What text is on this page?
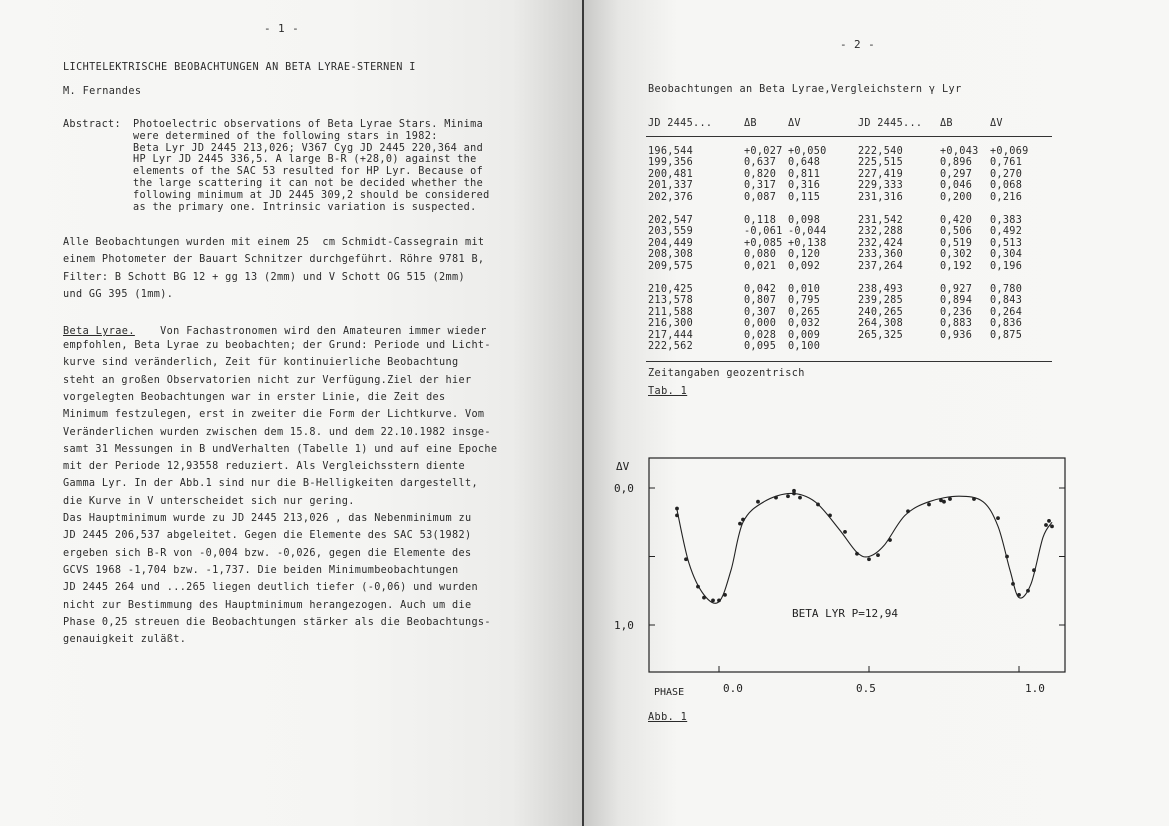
- 1 -
LICHTELEKTRISCHE BEOBACHTUNGEN AN BETA LYRAE-STERNEN I
M. Fernandes
Abstract: Photoelectric observations of Beta Lyrae Stars. Minima
were determined of the following stars in 1982:
Beta Lyr JD 2445 213,026; V367 Cyg JD 2445 220,364 and
HP Lyr JD 2445 336,5. A large B-R (+28,0) against the
elements of the SAC 53 resulted for HP Lyr. Because of
the large scattering it can not be decided whether the
following minimum at JD 2445 309,2 should be considered
as the primary one. Intrinsic variation is suspected.
Alle Beobachtungen wurden mit einem 25  cm Schmidt-Cassegrain mit
einem Photometer der Bauart Schnitzer durchgeführt. Röhre 9781 B,
Filter: B Schott BG 12 + gg 13 (2mm) und V Schott OG 515 (2mm)
und GG 395 (1mm).
Beta Lyrae. Von Fachastronomen wird den Amateuren immer wieder
empfohlen, Beta Lyrae zu beobachten; der Grund: Periode und Licht-
kurve sind veränderlich, Zeit für kontinuierliche Beobachtung
steht an großen Observatorien nicht zur Verfügung.Ziel der hier
vorgelegten Beobachtungen war in erster Linie, die Zeit des
Minimum festzulegen, erst in zweiter die Form der Lichtkurve. Vom
Veränderlichen wurden zwischen dem 15.8. und dem 22.10.1982 insge-
samt 31 Messungen in B undVerhalten (Tabelle 1) und auf eine Epoche
mit der Periode 12,93558 reduziert. Als Vergleichsstern diente
Gamma Lyr. In der Abb.1 sind nur die B-Helligkeiten dargestellt,
die Kurve in V unterscheidet sich nur gering.
Das Hauptminimum wurde zu JD 2445 213,026 , das Nebenminimum zu
JD 2445 206,537 abgeleitet. Gegen die Elemente des SAC 53(1982)
ergeben sich B-R von -0,004 bzw. -0,026, gegen die Elemente des
GCVS 1968 -1,704 bzw. -1,737. Die beiden Minimumbeobachtungen
JD 2445 264 und ...265 liegen deutlich tiefer (-0,06) und wurden
nicht zur Bestimmung des Hauptminimum herangezogen. Auch um die
Phase 0,25 streuen die Beobachtungen stärker als die Beobachtungs-
genauigkeit zuläßt.
- 2 -
Beobachtungen an Beta Lyrae,Vergleichstern γ Lyr
JD 2445...	ΔB	ΔV	JD 2445... ΔB	ΔV
196,544	+0,027 +0,050	222,540	+0,043 +0,069
199,356	0,637 0,648	225,515	0,896 0,761
200,481	0,820 0,811	227,419	0,297 0,270
201,337	0,317 0,316	229,333	0,046 0,068
202,376	0,087 0,115	231,316	0,200 0,216
202,547	0,118 0,098	231,542	0,420 0,383
203,559	-0,061 -0,044	232,288	0,506 0,492
204,449	+0,085 +0,138	232,424	0,519 0,513
208,308	0,080 0,120	233,360	0,302 0,304
209,575	0,021 0,092	237,264	0,192 0,196
210,425	0,042 0,010	238,493	0,927 0,780
213,578	0,807 0,795	239,285	0,894 0,843
211,588	0,307 0,265	240,265	0,236 0,264
216,300	0,000 0,032	264,308	0,883 0,836
217,444	0,028 0,009	265,325	0,936 0,875
222,562	0,095 0,100
Zeitangaben geozentrisch
Tab. 1
ΔV
0,0
1,0
PHASE	0.0	0.5	1.0
BETA LYR P=12,94
Abb. 1
